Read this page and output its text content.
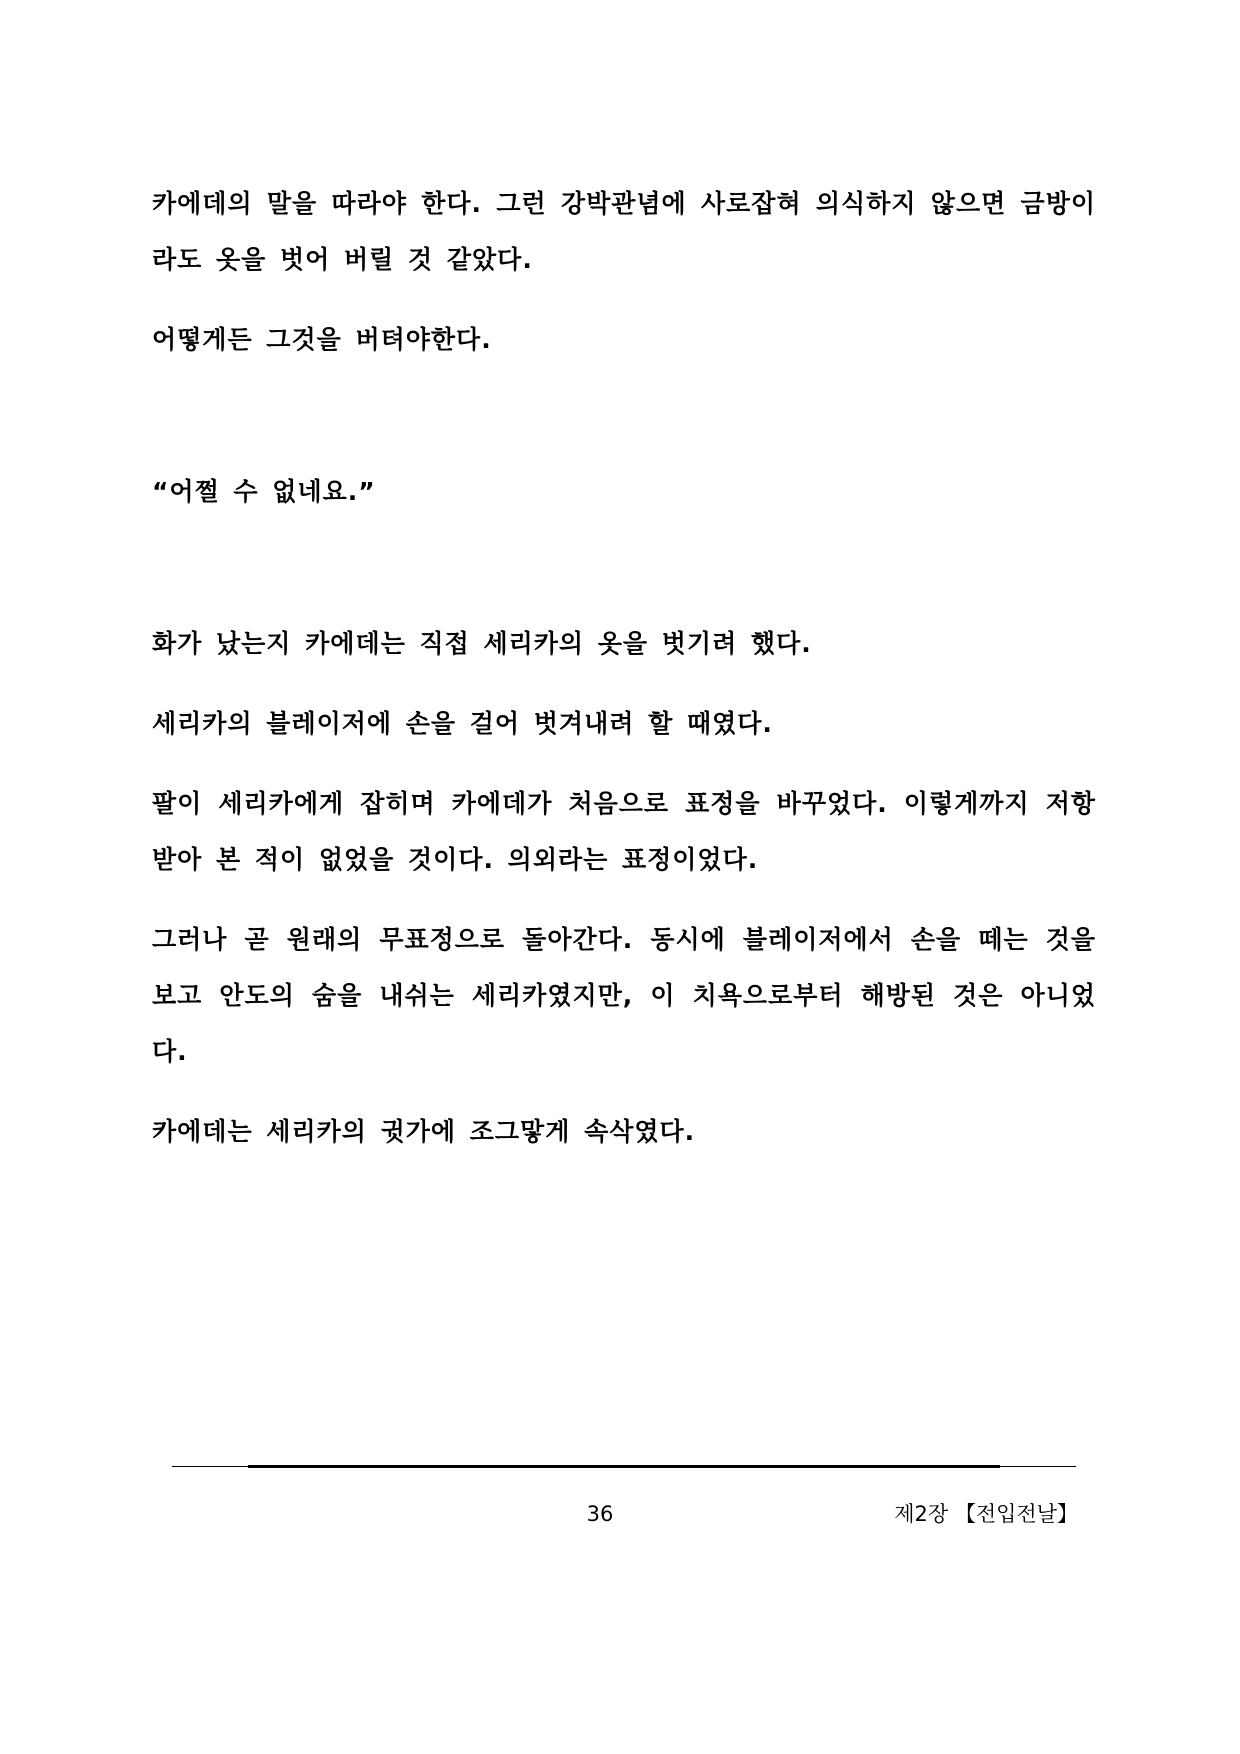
카에데의 말을 따라야 한다. 그런 강박관념에 사로잡혀 의식하지 않으면 금방이라도 옷을 벗어 버릴 것 같았다.

어떻게든 그것을 버텨야한다.

“어쩔 수 없네요.”

화가 났는지 카에데는 직접 세리카의 옷을 벗기려 했다.

세리카의 블레이저에 손을 걸어 벗겨내려 할 때였다.

팔이 세리카에게 잡히며 카에데가 처음으로 표정을 바꾸었다. 이렇게까지 저항받아 본 적이 없었을 것이다. 의외라는 표정이었다.

그러나 곧 원래의 무표정으로 돌아간다. 동시에 블레이저에서 손을 떼는 것을 보고 안도의 숨을 내쉬는 세리카였지만, 이 치욕으로부터 해방된 것은 아니었다.

카에데는 세리카의 귓가에 조그맣게 속삭였다.

36	제2장 【전입전날】
